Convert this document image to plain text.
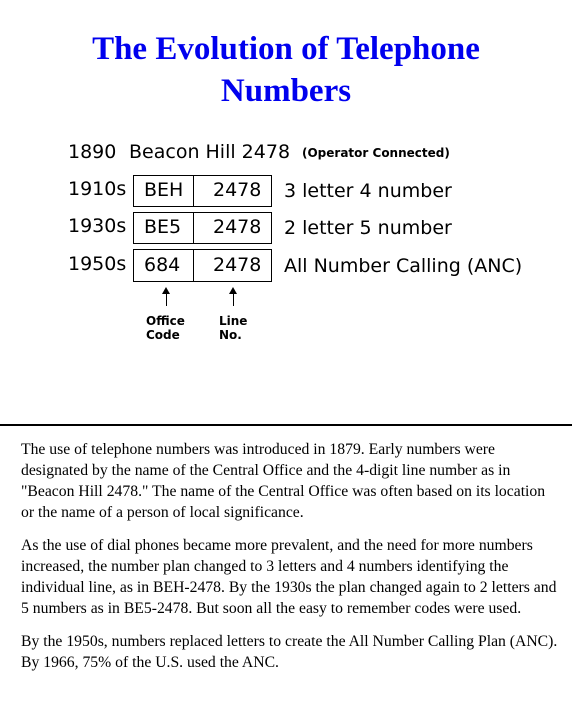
The Evolution of Telephone
Numbers
1890 Beacon Hill 2478 (Operator Connected)
1910s BEH 2478 3 letter 4 number
1930s BE5 2478 2 letter 5 number
1950s 684 2478 All Number Calling (ANC)
Office
Code
Line
No.

The use of telephone numbers was introduced in 1879. Early numbers were designated by the name of the Central Office and the 4-digit line number as in "Beacon Hill 2478." The name of the Central Office was often based on its location or the name of a person of local significance.

As the use of dial phones became more prevalent, and the need for more numbers increased, the number plan changed to 3 letters and 4 numbers identifying the individual line, as in BEH-2478. By the 1930s the plan changed again to 2 letters and 5 numbers as in BE5-2478. But soon all the easy to remember codes were used.

By the 1950s, numbers replaced letters to create the All Number Calling Plan (ANC). By 1966, 75% of the U.S. used the ANC.
